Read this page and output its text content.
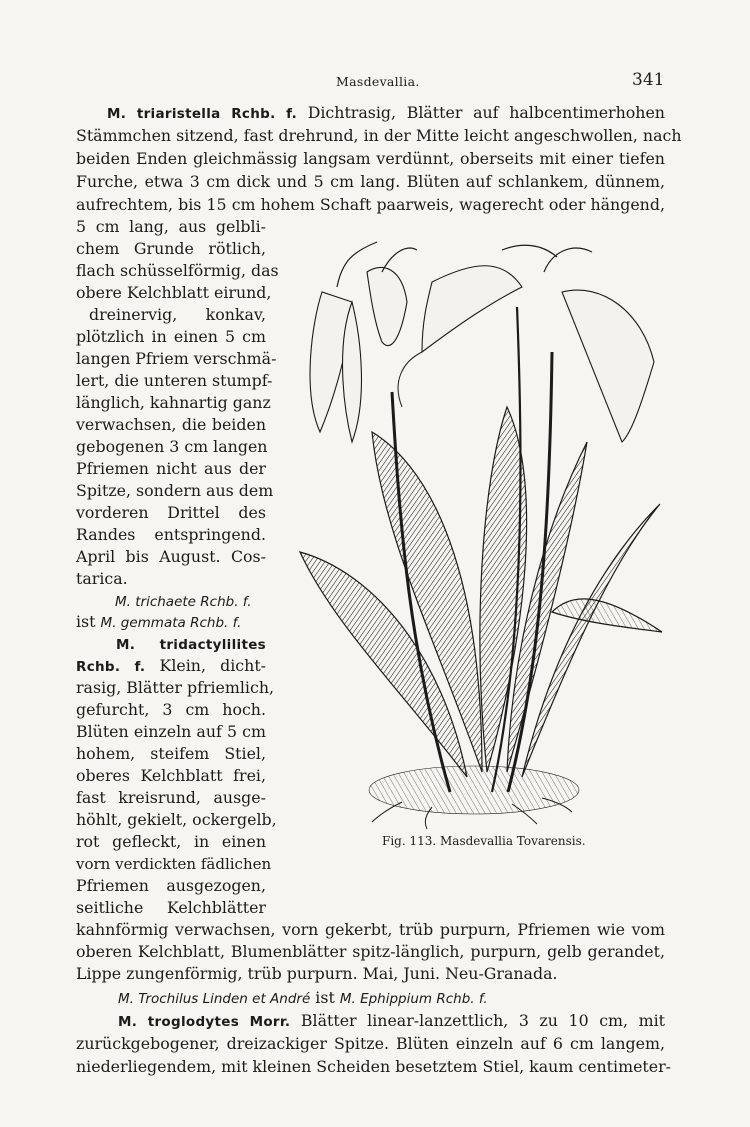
Masdevallia.	341
M. triaristella Rchb. f. Dichtrasig, Blätter auf halbcentimerhohen
Stämmchen sitzend, fast drehrund, in der Mitte leicht angeschwollen, nach
beiden Enden gleichmässig langsam verdünnt, oberseits mit einer tiefen
Furche, etwa 3 cm dick und 5 cm lang. Blüten auf schlankem, dünnem,
aufrechtem, bis 15 cm hohem Schaft paarweis, wagerecht oder hängend,
5 cm lang, aus gelbli-
chem Grunde rötlich,
flach schüsselförmig, das
obere Kelchblatt eirund,
dreinervig, konkav,
plötzlich in einen 5 cm
langen Pfriem verschmä-
lert, die unteren stumpf-
länglich, kahnartig ganz
verwachsen, die beiden
gebogenen 3 cm langen
Pfriemen nicht aus der
Spitze, sondern aus dem
vorderen Drittel des
Randes entspringend.
April bis August. Cos-
tarica.
M. trichaete Rchb. f.
ist M. gemmata Rchb. f.
M. tridactylilites
Rchb. f. Klein, dicht-
rasig, Blätter pfriemlich,
gefurcht, 3 cm hoch.
Blüten einzeln auf 5 cm
hohem, steifem Stiel,
oberes Kelchblatt frei,
fast kreisrund, ausge-
höhlt, gekielt, ockergelb,
rot gefleckt, in einen
vorn verdickten fädlichen
Pfriemen ausgezogen,
seitliche Kelchblätter
kahnförmig verwachsen, vorn gekerbt, trüb purpurn, Pfriemen wie vom
oberen Kelchblatt, Blumenblätter spitz-länglich, purpurn, gelb gerandet,
Lippe zungenförmig, trüb purpurn. Mai, Juni. Neu-Granada.
M. Trochilus Linden et André ist M. Ephippium Rchb. f.
M. troglodytes Morr. Blätter linear-lanzettlich, 3 zu 10 cm, mit
zurückgebogener, dreizackiger Spitze. Blüten einzeln auf 6 cm langem,
niederliegendem, mit kleinen Scheiden besetztem Stiel, kaum centimeter-
Fig. 113. Masdevallia Tovarensis.
